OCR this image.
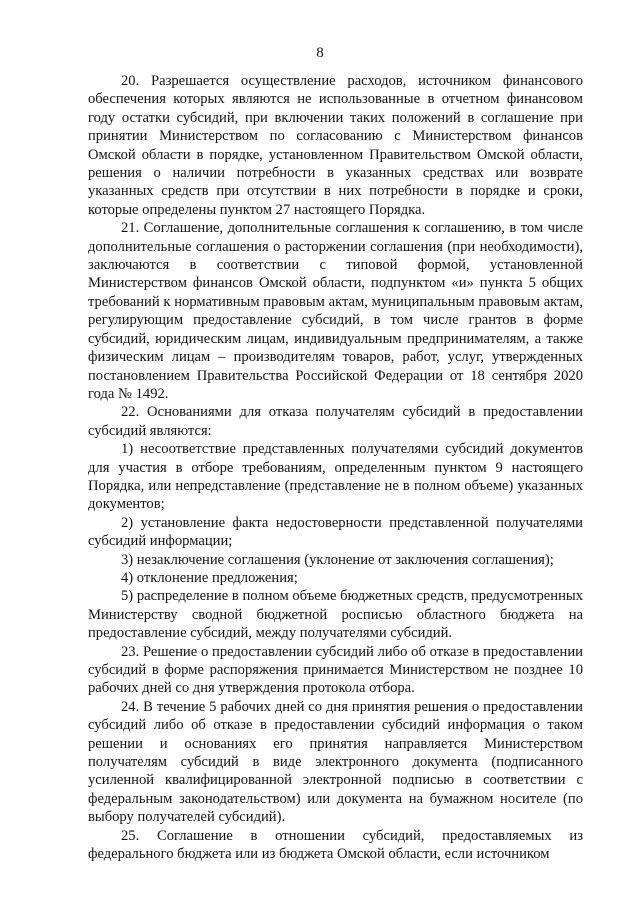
8

20. Разрешается осуществление расходов, источником финансового обеспечения которых являются не использованные в отчетном финансовом году остатки субсидий, при включении таких положений в соглашение при принятии Министерством по согласованию с Министерством финансов Омской области в порядке, установленном Правительством Омской области, решения о наличии потребности в указанных средствах или возврате указанных средств при отсутствии в них потребности в порядке и сроки, которые определены пунктом 27 настоящего Порядка.

21. Соглашение, дополнительные соглашения к соглашению, в том числе дополнительные соглашения о расторжении соглашения (при необходимости), заключаются в соответствии с типовой формой, установленной Министерством финансов Омской области, подпунктом «и» пункта 5 общих требований к нормативным правовым актам, муниципальным правовым актам, регулирующим предоставление субсидий, в том числе грантов в форме субсидий, юридическим лицам, индивидуальным предпринимателям, а также физическим лицам – производителям товаров, работ, услуг, утвержденных постановлением Правительства Российской Федерации от 18 сентября 2020 года № 1492.

22. Основаниями для отказа получателям субсидий в предоставлении субсидий являются:

1) несоответствие представленных получателями субсидий документов для участия в отборе требованиям, определенным пунктом 9 настоящего Порядка, или непредставление (представление не в полном объеме) указанных документов;

2) установление факта недостоверности представленной получателями субсидий информации;

3) незаключение соглашения (уклонение от заключения соглашения);

4) отклонение предложения;

5) распределение в полном объеме бюджетных средств, предусмотренных Министерству сводной бюджетной росписью областного бюджета на предоставление субсидий, между получателями субсидий.

23. Решение о предоставлении субсидий либо об отказе в предоставлении субсидий в форме распоряжения принимается Министерством не позднее 10 рабочих дней со дня утверждения протокола отбора.

24. В течение 5 рабочих дней со дня принятия решения о предоставлении субсидий либо об отказе в предоставлении субсидий информация о таком решении и основаниях его принятия направляется Министерством получателям субсидий в виде электронного документа (подписанного усиленной квалифицированной электронной подписью в соответствии с федеральным законодательством) или документа на бумажном носителе (по выбору получателей субсидий).

25. Соглашение в отношении субсидий, предоставляемых из федерального бюджета или из бюджета Омской области, если источником
